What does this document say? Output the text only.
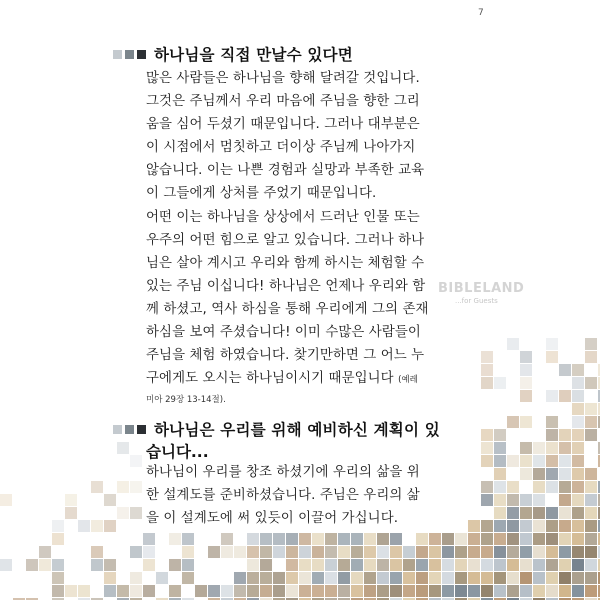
7
BIBLELAND
...for Guests
하나님을 직접 만날수 있다면
많은 사람들은 하나님을 향해 달려갈 것입니다.
그것은 주님께서 우리 마음에 주님을 향한 그리
움을 심어 두셨기 때문입니다. 그러나 대부분은
이 시점에서 멈칫하고 더이상 주님께 나아가지
않습니다. 이는 나쁜 경험과 실망과 부족한 교육
이 그들에게 상처를 주었기 때문입니다.
어떤 이는 하나님을 상상에서 드러난 인물 또는
우주의 어떤 힘으로 알고 있습니다. 그러나 하나
님은 살아 계시고 우리와 함께 하시는 체험할 수
있는 주님 이십니다! 하나님은 언제나 우리와 함
께 하셨고, 역사 하심을 통해 우리에게 그의 존재
하심을 보여 주셨습니다! 이미 수많은 사람들이
주님을 체험 하였습니다. 찾기만하면 그 어느 누
구에게도 오시는 하나님이시기 때문입니다 (예레
미아 29장 13-14절).
하나님은 우리를 위해 예비하신 계획이 있
습니다...
하나님이 우리를 창조 하셨기에 우리의 삶을 위
한 설계도를 준비하셨습니다. 주님은 우리의 삶
을 이 설계도에 써 있듯이 이끌어 가십니다.
